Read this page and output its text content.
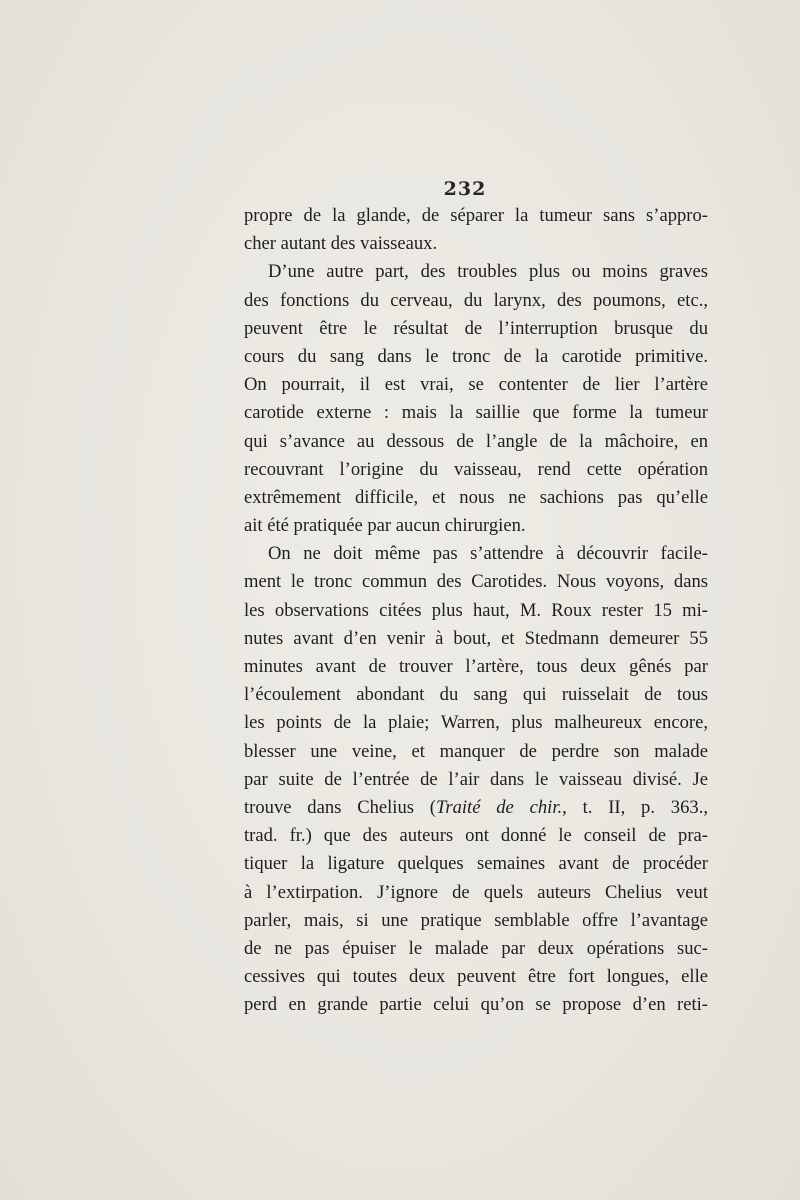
232
propre de la glande, de séparer la tumeur sans s’appro-
cher autant des vaisseaux.
D’une autre part, des troubles plus ou moins graves
des fonctions du cerveau, du larynx, des poumons, etc.,
peuvent être le résultat de l’interruption brusque du
cours du sang dans le tronc de la carotide primitive.
On pourrait, il est vrai, se contenter de lier l’artère
carotide externe : mais la saillie que forme la tumeur
qui s’avance au dessous de l’angle de la mâchoire, en
recouvrant l’origine du vaisseau, rend cette opération
extrêmement difficile, et nous ne sachions pas qu’elle
ait été pratiquée par aucun chirurgien.
On ne doit même pas s’attendre à découvrir facile-
ment le tronc commun des Carotides. Nous voyons, dans
les observations citées plus haut, M. Roux rester 15 mi-
nutes avant d’en venir à bout, et Stedmann demeurer 55
minutes avant de trouver l’artère, tous deux gênés par
l’écoulement abondant du sang qui ruisselait de tous
les points de la plaie; Warren, plus malheureux encore,
blesser une veine, et manquer de perdre son malade
par suite de l’entrée de l’air dans le vaisseau divisé. Je
trouve dans Chelius (Traité de chir., t. II, p. 363.,
trad. fr.) que des auteurs ont donné le conseil de pra-
tiquer la ligature quelques semaines avant de procéder
à l’extirpation. J’ignore de quels auteurs Chelius veut
parler, mais, si une pratique semblable offre l’avantage
de ne pas épuiser le malade par deux opérations suc-
cessives qui toutes deux peuvent être fort longues, elle
perd en grande partie celui qu’on se propose d’en reti-
